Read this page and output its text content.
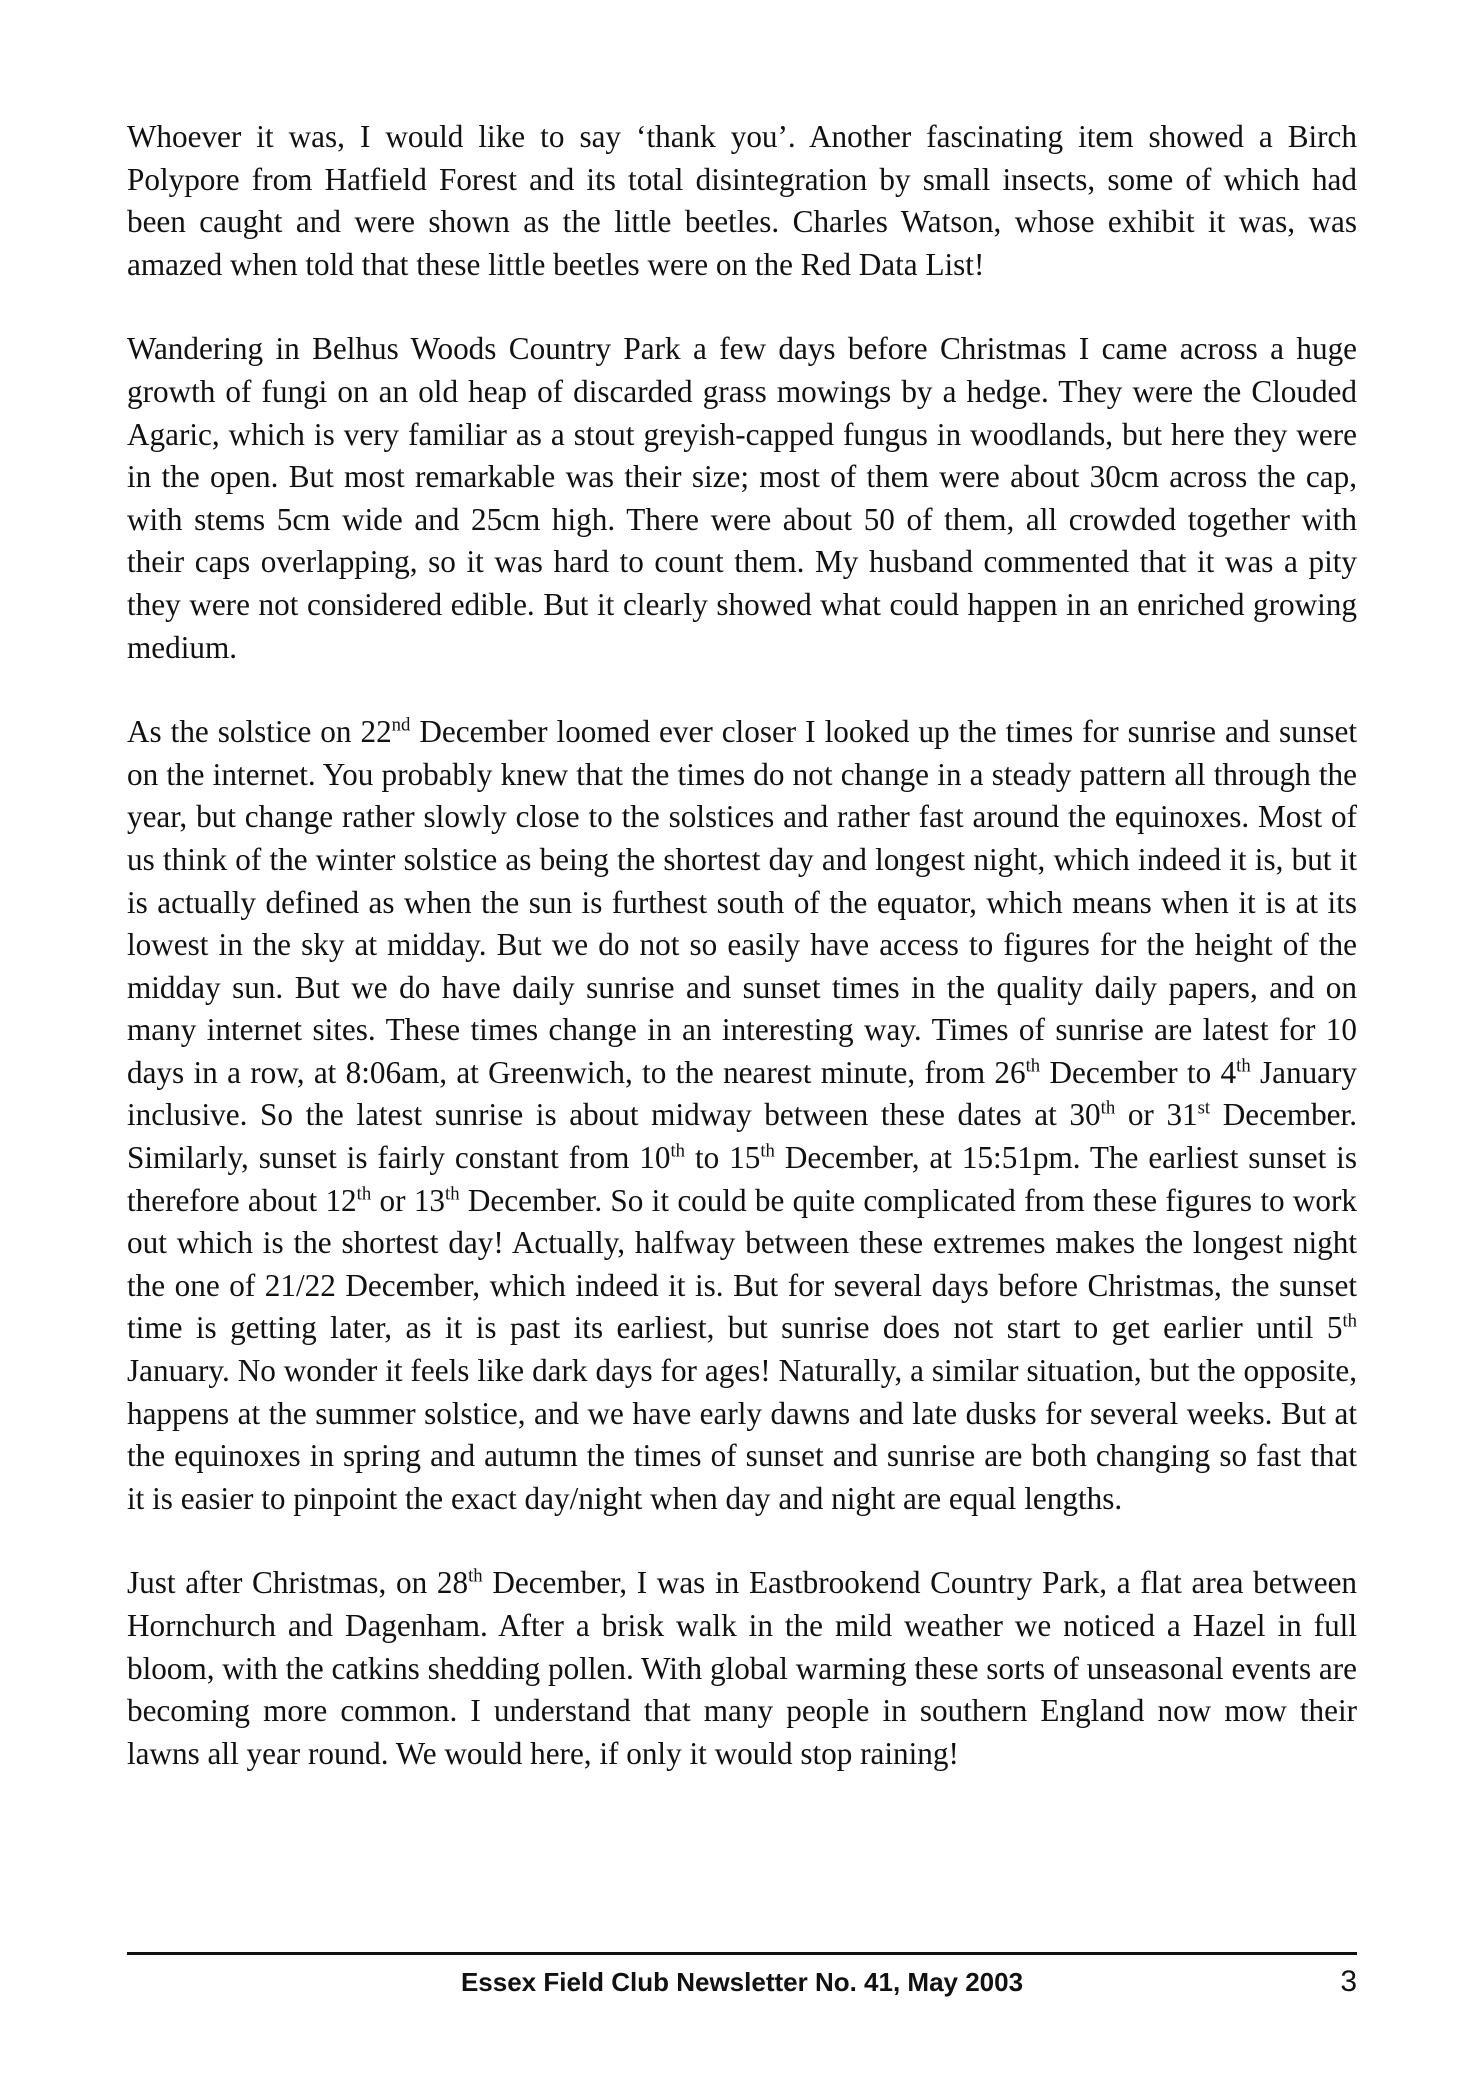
Whoever it was, I would like to say ‘thank you’. Another fascinating item showed a Birch Polypore from Hatfield Forest and its total disintegration by small insects, some of which had been caught and were shown as the little beetles. Charles Watson, whose exhibit it was, was amazed when told that these little beetles were on the Red Data List!

Wandering in Belhus Woods Country Park a few days before Christmas I came across a huge growth of fungi on an old heap of discarded grass mowings by a hedge. They were the Clouded Agaric, which is very familiar as a stout greyish-capped fungus in woodlands, but here they were in the open. But most remarkable was their size; most of them were about 30cm across the cap, with stems 5cm wide and 25cm high. There were about 50 of them, all crowded together with their caps overlapping, so it was hard to count them. My husband commented that it was a pity they were not considered edible. But it clearly showed what could happen in an enriched growing medium.

As the solstice on 22nd December loomed ever closer I looked up the times for sunrise and sunset on the internet. You probably knew that the times do not change in a steady pattern all through the year, but change rather slowly close to the solstices and rather fast around the equinoxes. Most of us think of the winter solstice as being the shortest day and longest night, which indeed it is, but it is actually defined as when the sun is furthest south of the equator, which means when it is at its lowest in the sky at midday. But we do not so easily have access to figures for the height of the midday sun. But we do have daily sunrise and sunset times in the quality daily papers, and on many internet sites. These times change in an interesting way. Times of sunrise are latest for 10 days in a row, at 8:06am, at Greenwich, to the nearest minute, from 26th December to 4th January inclusive. So the latest sunrise is about midway between these dates at 30th or 31st December. Similarly, sunset is fairly constant from 10th to 15th December, at 15:51pm. The earliest sunset is therefore about 12th or 13th December. So it could be quite complicated from these figures to work out which is the shortest day! Actually, halfway between these extremes makes the longest night the one of 21/22 December, which indeed it is. But for several days before Christmas, the sunset time is getting later, as it is past its earliest, but sunrise does not start to get earlier until 5th January. No wonder it feels like dark days for ages! Naturally, a similar situation, but the opposite, happens at the summer solstice, and we have early dawns and late dusks for several weeks. But at the equinoxes in spring and autumn the times of sunset and sunrise are both changing so fast that it is easier to pinpoint the exact day/night when day and night are equal lengths.

Just after Christmas, on 28th December, I was in Eastbrookend Country Park, a flat area between Hornchurch and Dagenham. After a brisk walk in the mild weather we noticed a Hazel in full bloom, with the catkins shedding pollen. With global warming these sorts of unseasonal events are becoming more common. I understand that many people in southern England now mow their lawns all year round. We would here, if only it would stop raining!

Essex Field Club Newsletter No. 41, May 2003	3
